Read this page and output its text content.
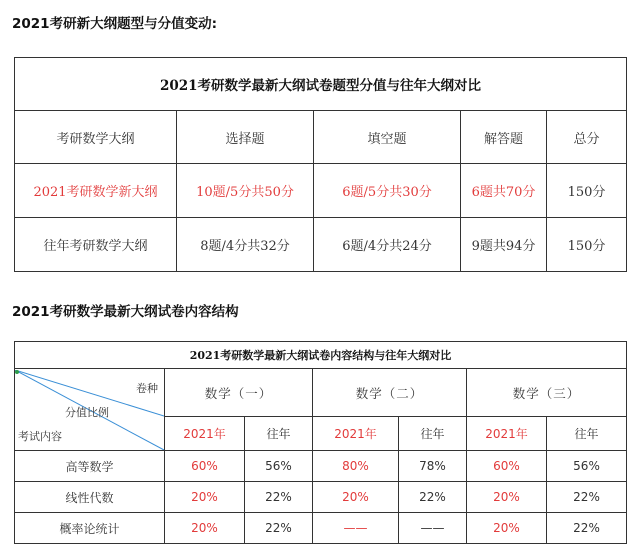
2021考研新大纲题型与分值变动:
2021考研数学最新大纲试卷题型分值与往年大纲对比				
考研数学大纲	选择题	填空题	解答题	总分
2021考研数学新大纲	10题/5分共50分	6题/5分共30分	6题共70分	150分
往年考研数学大纲	8题/4分共32分	6题/4分共24分	9题共94分	150分
2021考研数学最新大纲试卷内容结构
2021考研数学最新大纲试卷内容结构与往年大纲对比						

卷种
分值比例
考试内容	数学（一）		数学（二）		数学（三）	
	2021年	往年	2021年	往年	2021年	往年
高等数学	60%	56%	80%	78%	60%	56%
线性代数	20%	22%	20%	22%	20%	22%
概率论统计	20%	22%	——	——	20%	22%
